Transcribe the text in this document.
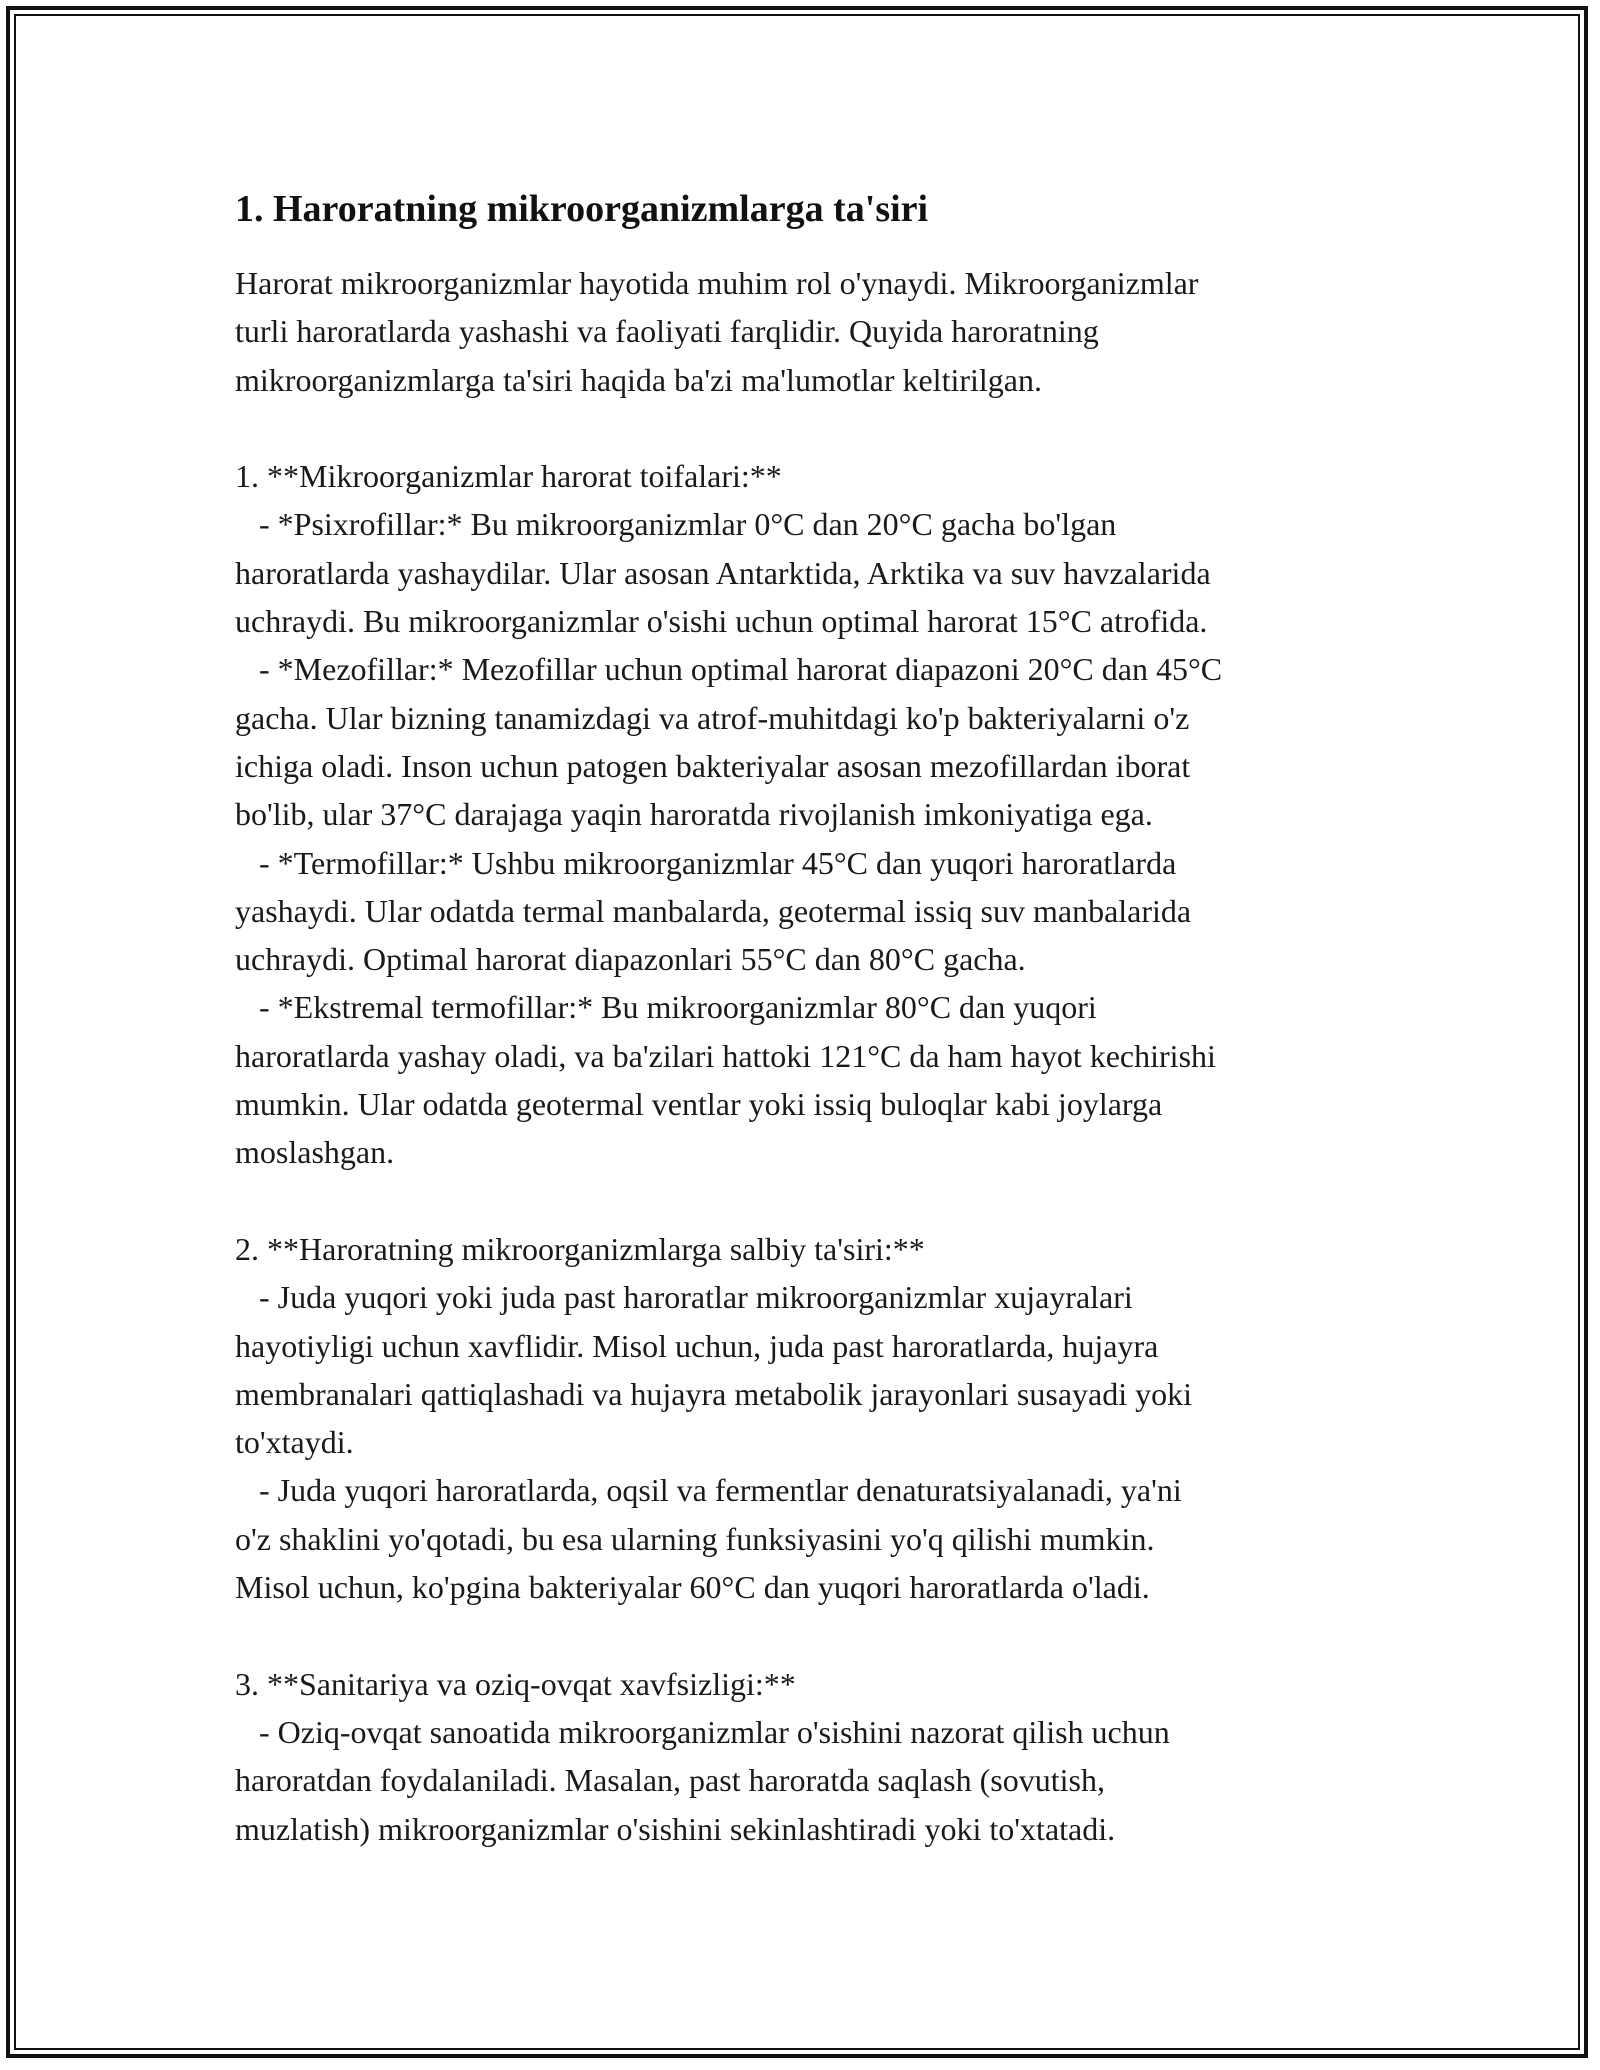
1. Haroratning mikroorganizmlarga ta'siri

Harorat mikroorganizmlar hayotida muhim rol o'ynaydi. Mikroorganizmlar
turli haroratlarda yashashi va faoliyati farqlidir. Quyida haroratning
mikroorganizmlarga ta'siri haqida ba'zi ma'lumotlar keltirilgan.

1. **Mikroorganizmlar harorat toifalari:**
- *Psixrofillar:* Bu mikroorganizmlar 0°C dan 20°C gacha bo'lgan
haroratlarda yashaydilar. Ular asosan Antarktida, Arktika va suv havzalarida
uchraydi. Bu mikroorganizmlar o'sishi uchun optimal harorat 15°C atrofida.
- *Mezofillar:* Mezofillar uchun optimal harorat diapazoni 20°C dan 45°C
gacha. Ular bizning tanamizdagi va atrof-muhitdagi ko'p bakteriyalarni o'z
ichiga oladi. Inson uchun patogen bakteriyalar asosan mezofillardan iborat
bo'lib, ular 37°C darajaga yaqin haroratda rivojlanish imkoniyatiga ega.
- *Termofillar:* Ushbu mikroorganizmlar 45°C dan yuqori haroratlarda
yashaydi. Ular odatda termal manbalarda, geotermal issiq suv manbalarida
uchraydi. Optimal harorat diapazonlari 55°C dan 80°C gacha.
- *Ekstremal termofillar:* Bu mikroorganizmlar 80°C dan yuqori
haroratlarda yashay oladi, va ba'zilari hattoki 121°C da ham hayot kechirishi
mumkin. Ular odatda geotermal ventlar yoki issiq buloqlar kabi joylarga
moslashgan.

2. **Haroratning mikroorganizmlarga salbiy ta'siri:**
- Juda yuqori yoki juda past haroratlar mikroorganizmlar xujayralari
hayotiyligi uchun xavflidir. Misol uchun, juda past haroratlarda, hujayra
membranalari qattiqlashadi va hujayra metabolik jarayonlari susayadi yoki
to'xtaydi.
- Juda yuqori haroratlarda, oqsil va fermentlar denaturatsiyalanadi, ya'ni
o'z shaklini yo'qotadi, bu esa ularning funksiyasini yo'q qilishi mumkin.
Misol uchun, ko'pgina bakteriyalar 60°C dan yuqori haroratlarda o'ladi.

3. **Sanitariya va oziq-ovqat xavfsizligi:**
- Oziq-ovqat sanoatida mikroorganizmlar o'sishini nazorat qilish uchun
haroratdan foydalaniladi. Masalan, past haroratda saqlash (sovutish,
muzlatish) mikroorganizmlar o'sishini sekinlashtiradi yoki to'xtatadi.
